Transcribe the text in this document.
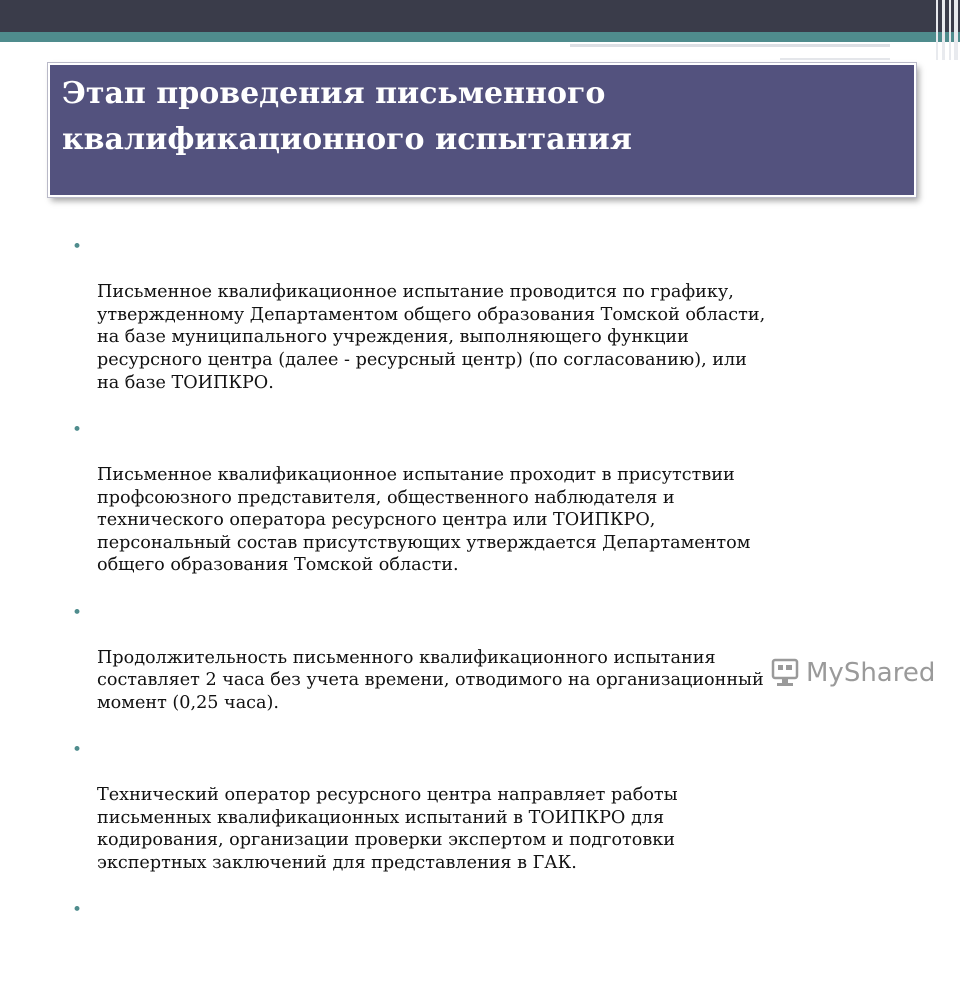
Этап проведения письменного
квалификационного испытания

•

Письменное квалификационное испытание проводится по графику,
утвержденному Департаментом общего образования Томской области,
на базе муниципального учреждения, выполняющего функции
ресурсного центра (далее - ресурсный центр) (по согласованию), или
на базе ТОИПКРО.

•

Письменное квалификационное испытание проходит в присутствии
профсоюзного представителя, общественного наблюдателя и
технического оператора ресурсного центра или ТОИПКРО,
персональный состав присутствующих утверждается Департаментом
общего образования Томской области.

•

Продолжительность письменного квалификационного испытания
составляет 2 часа без учета времени, отводимого на организационный
момент (0,25 часа).

•

Технический оператор ресурсного центра направляет работы
письменных квалификационных испытаний в ТОИПКРО для
кодирования, организации проверки экспертом и подготовки
экспертных заключений для представления в ГАК.

•

MyShared
